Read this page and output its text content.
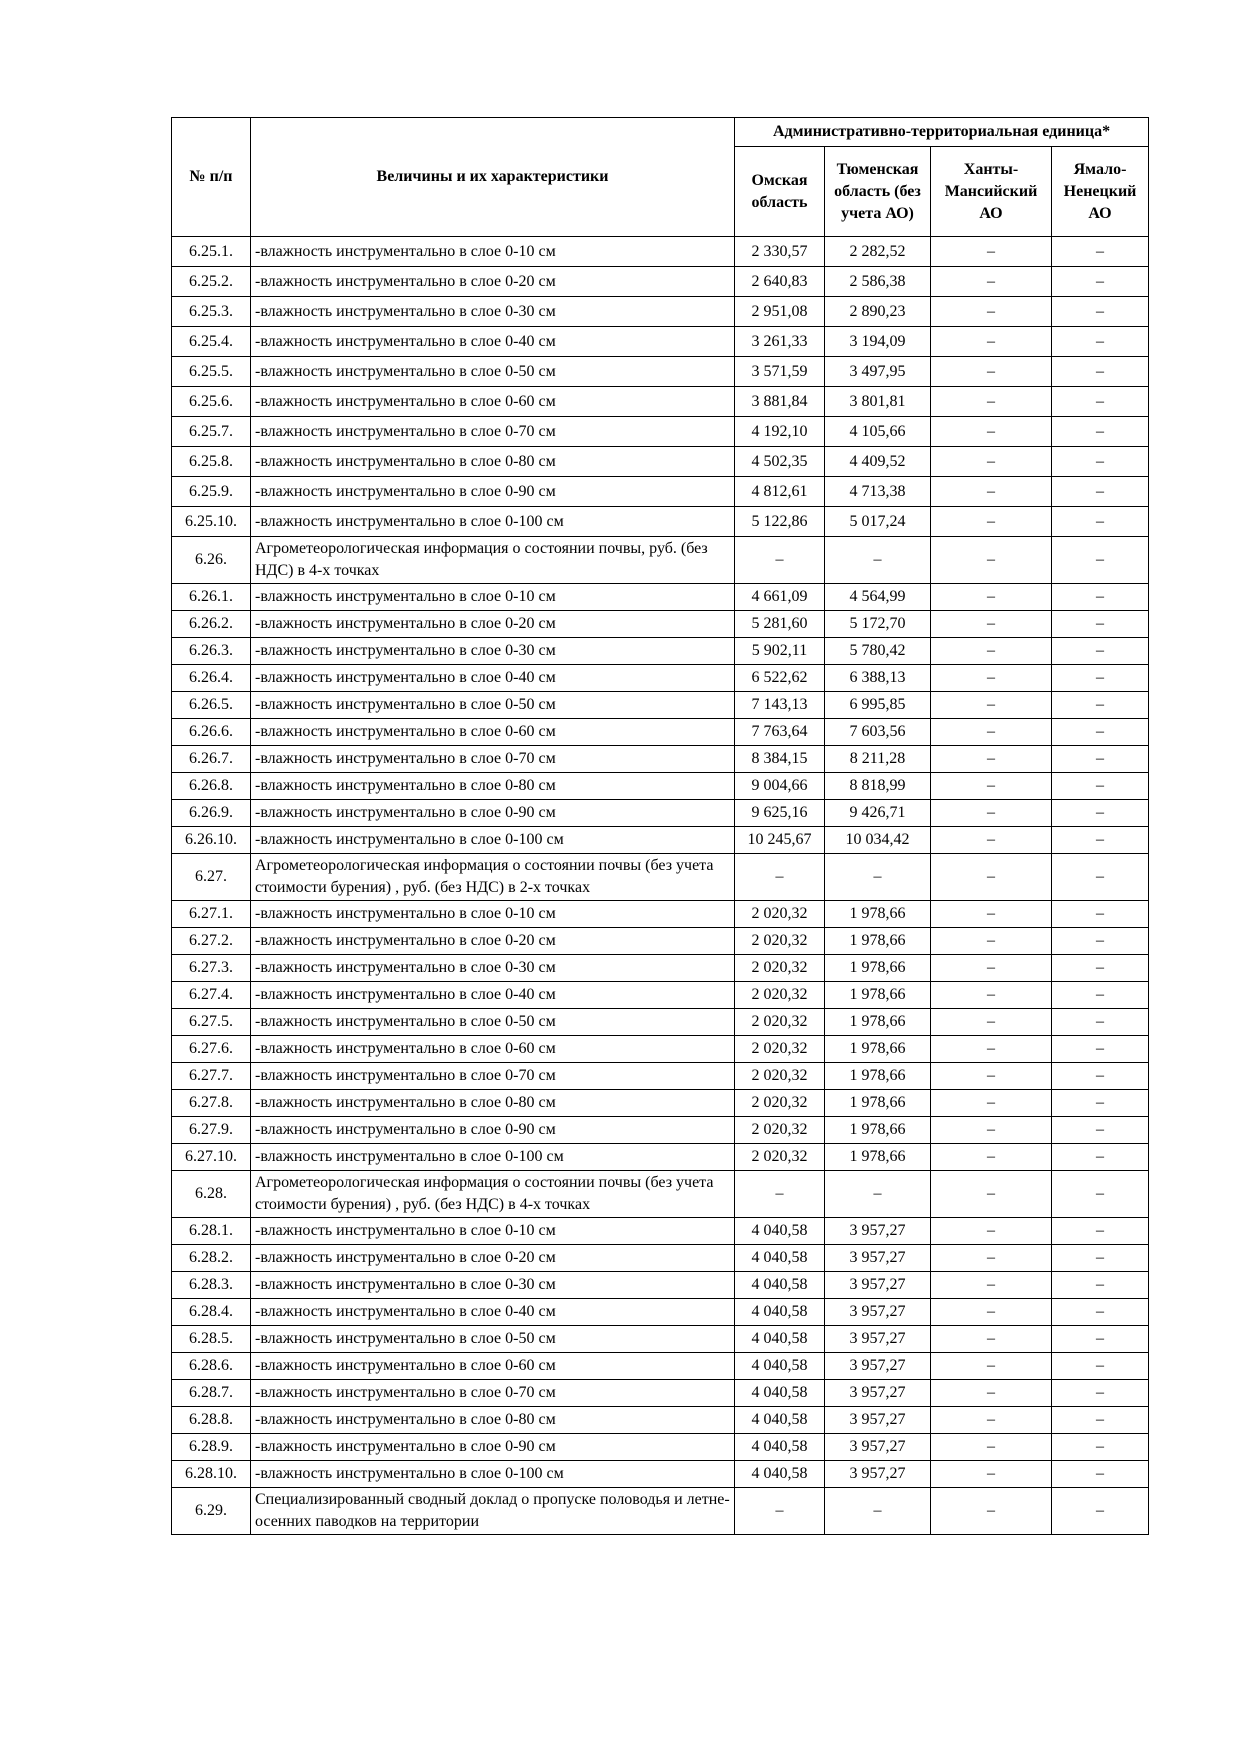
№ п/п	Величины и их характеристики	Административно-территориальная единица*			
		Омская область	Тюменская область (без учета АО)	Ханты-Мансийский АО	Ямало-Ненецкий АО
6.25.1.	-влажность инструментально в слое 0-10 см	2 330,57	2 282,52	–	–
6.25.2.	-влажность инструментально в слое 0-20 см	2 640,83	2 586,38	–	–
6.25.3.	-влажность инструментально в слое 0-30 см	2 951,08	2 890,23	–	–
6.25.4.	-влажность инструментально в слое 0-40 см	3 261,33	3 194,09	–	–
6.25.5.	-влажность инструментально в слое 0-50 см	3 571,59	3 497,95	–	–
6.25.6.	-влажность инструментально в слое 0-60 см	3 881,84	3 801,81	–	–
6.25.7.	-влажность инструментально в слое 0-70 см	4 192,10	4 105,66	–	–
6.25.8.	-влажность инструментально в слое 0-80 см	4 502,35	4 409,52	–	–
6.25.9.	-влажность инструментально в слое 0-90 см	4 812,61	4 713,38	–	–
6.25.10.	-влажность инструментально в слое 0-100 см	5 122,86	5 017,24	–	–
6.26.	Агрометеорологическая информация о состоянии почвы, руб. (без НДС) в 4-х точках	–	–	–	–
6.26.1.	-влажность инструментально в слое 0-10 см	4 661,09	4 564,99	–	–
6.26.2.	-влажность инструментально в слое 0-20 см	5 281,60	5 172,70	–	–
6.26.3.	-влажность инструментально в слое 0-30 см	5 902,11	5 780,42	–	–
6.26.4.	-влажность инструментально в слое 0-40 см	6 522,62	6 388,13	–	–
6.26.5.	-влажность инструментально в слое 0-50 см	7 143,13	6 995,85	–	–
6.26.6.	-влажность инструментально в слое 0-60 см	7 763,64	7 603,56	–	–
6.26.7.	-влажность инструментально в слое 0-70 см	8 384,15	8 211,28	–	–
6.26.8.	-влажность инструментально в слое 0-80 см	9 004,66	8 818,99	–	–
6.26.9.	-влажность инструментально в слое 0-90 см	9 625,16	9 426,71	–	–
6.26.10.	-влажность инструментально в слое 0-100 см	10 245,67	10 034,42	–	–
6.27.	Агрометеорологическая информация о состоянии почвы (без учета стоимости бурения) , руб. (без НДС) в 2-х точках	–	–	–	–
6.27.1.	-влажность инструментально в слое 0-10 см	2 020,32	1 978,66	–	–
6.27.2.	-влажность инструментально в слое 0-20 см	2 020,32	1 978,66	–	–
6.27.3.	-влажность инструментально в слое 0-30 см	2 020,32	1 978,66	–	–
6.27.4.	-влажность инструментально в слое 0-40 см	2 020,32	1 978,66	–	–
6.27.5.	-влажность инструментально в слое 0-50 см	2 020,32	1 978,66	–	–
6.27.6.	-влажность инструментально в слое 0-60 см	2 020,32	1 978,66	–	–
6.27.7.	-влажность инструментально в слое 0-70 см	2 020,32	1 978,66	–	–
6.27.8.	-влажность инструментально в слое 0-80 см	2 020,32	1 978,66	–	–
6.27.9.	-влажность инструментально в слое 0-90 см	2 020,32	1 978,66	–	–
6.27.10.	-влажность инструментально в слое 0-100 см	2 020,32	1 978,66	–	–
6.28.	Агрометеорологическая информация о состоянии почвы (без учета стоимости бурения) , руб. (без НДС) в 4-х точках	–	–	–	–
6.28.1.	-влажность инструментально в слое 0-10 см	4 040,58	3 957,27	–	–
6.28.2.	-влажность инструментально в слое 0-20 см	4 040,58	3 957,27	–	–
6.28.3.	-влажность инструментально в слое 0-30 см	4 040,58	3 957,27	–	–
6.28.4.	-влажность инструментально в слое 0-40 см	4 040,58	3 957,27	–	–
6.28.5.	-влажность инструментально в слое 0-50 см	4 040,58	3 957,27	–	–
6.28.6.	-влажность инструментально в слое 0-60 см	4 040,58	3 957,27	–	–
6.28.7.	-влажность инструментально в слое 0-70 см	4 040,58	3 957,27	–	–
6.28.8.	-влажность инструментально в слое 0-80 см	4 040,58	3 957,27	–	–
6.28.9.	-влажность инструментально в слое 0-90 см	4 040,58	3 957,27	–	–
6.28.10.	-влажность инструментально в слое 0-100 см	4 040,58	3 957,27	–	–
6.29.	Специализированный сводный доклад о пропуске половодья и летне-осенних паводков на территории	–	–	–	–
